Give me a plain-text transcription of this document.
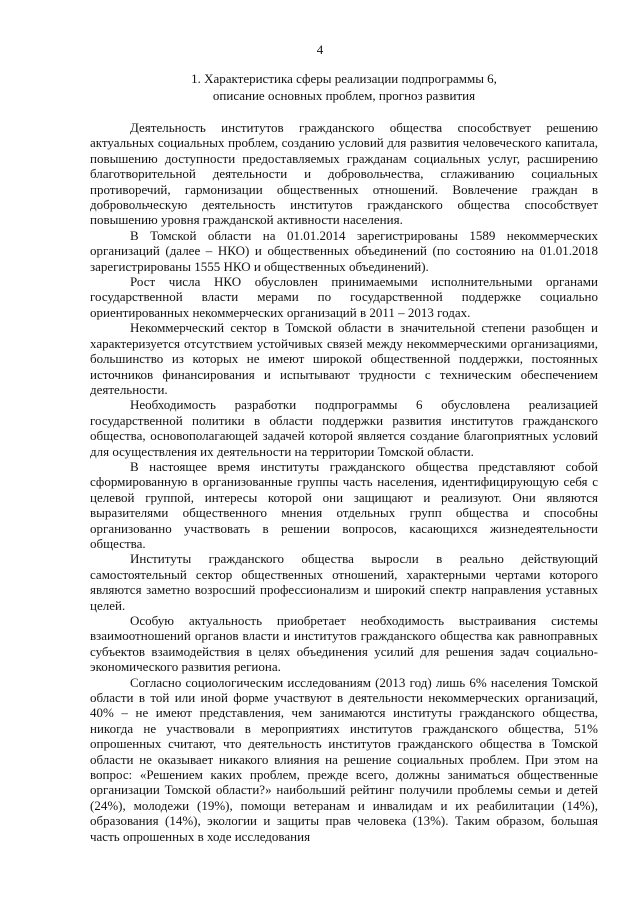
4
1. Характеристика сферы реализации подпрограммы 6,
описание основных проблем, прогноз развития

Деятельность институтов гражданского общества способствует решению актуальных социальных проблем, созданию условий для развития человеческого капитала, повышению доступности предоставляемых гражданам социальных услуг, расширению благотворительной деятельности и добровольчества, сглаживанию социальных противоречий, гармонизации общественных отношений. Вовлечение граждан в добровольческую деятельность институтов гражданского общества способствует повышению уровня гражданской активности населения.

В Томской области на 01.01.2014 зарегистрированы 1589 некоммерческих организаций (далее – НКО) и общественных объединений (по состоянию на 01.01.2018 зарегистрированы 1555 НКО и общественных объединений).

Рост числа НКО обусловлен принимаемыми исполнительными органами государственной власти мерами по государственной поддержке социально ориентированных некоммерческих организаций в 2011 – 2013 годах.

Некоммерческий сектор в Томской области в значительной степени разобщен и характеризуется отсутствием устойчивых связей между некоммерческими организациями, большинство из которых не имеют широкой общественной поддержки, постоянных источников финансирования и испытывают трудности с техническим обеспечением деятельности.

Необходимость разработки подпрограммы 6 обусловлена реализацией государственной политики в области поддержки развития институтов гражданского общества, основополагающей задачей которой является создание благоприятных условий для осуществления их деятельности на территории Томской области.

В настоящее время институты гражданского общества представляют собой сформированную в организованные группы часть населения, идентифицирующую себя с целевой группой, интересы которой они защищают и реализуют. Они являются выразителями общественного мнения отдельных групп общества и способны организованно участвовать в решении вопросов, касающихся жизнедеятельности общества.

Институты гражданского общества выросли в реально действующий самостоятельный сектор общественных отношений, характерными чертами которого являются заметно возросший профессионализм и широкий спектр направления уставных целей.

Особую актуальность приобретает необходимость выстраивания системы взаимоотношений органов власти и институтов гражданского общества как равноправных субъектов взаимодействия в целях объединения усилий для решения задач социально-экономического развития региона.

Согласно социологическим исследованиям (2013 год) лишь 6% населения Томской области в той или иной форме участвуют в деятельности некоммерческих организаций, 40% – не имеют представления, чем занимаются институты гражданского общества, никогда не участвовали в мероприятиях институтов гражданского общества, 51% опрошенных считают, что деятельность институтов гражданского общества в Томской области не оказывает никакого влияния на решение социальных проблем. При этом на вопрос: «Решением каких проблем, прежде всего, должны заниматься общественные организации Томской области?» наибольший рейтинг получили проблемы семьи и детей (24%), молодежи (19%), помощи ветеранам и инвалидам и их реабилитации (14%), образования (14%), экологии и защиты прав человека (13%). Таким образом, большая часть опрошенных в ходе исследования
